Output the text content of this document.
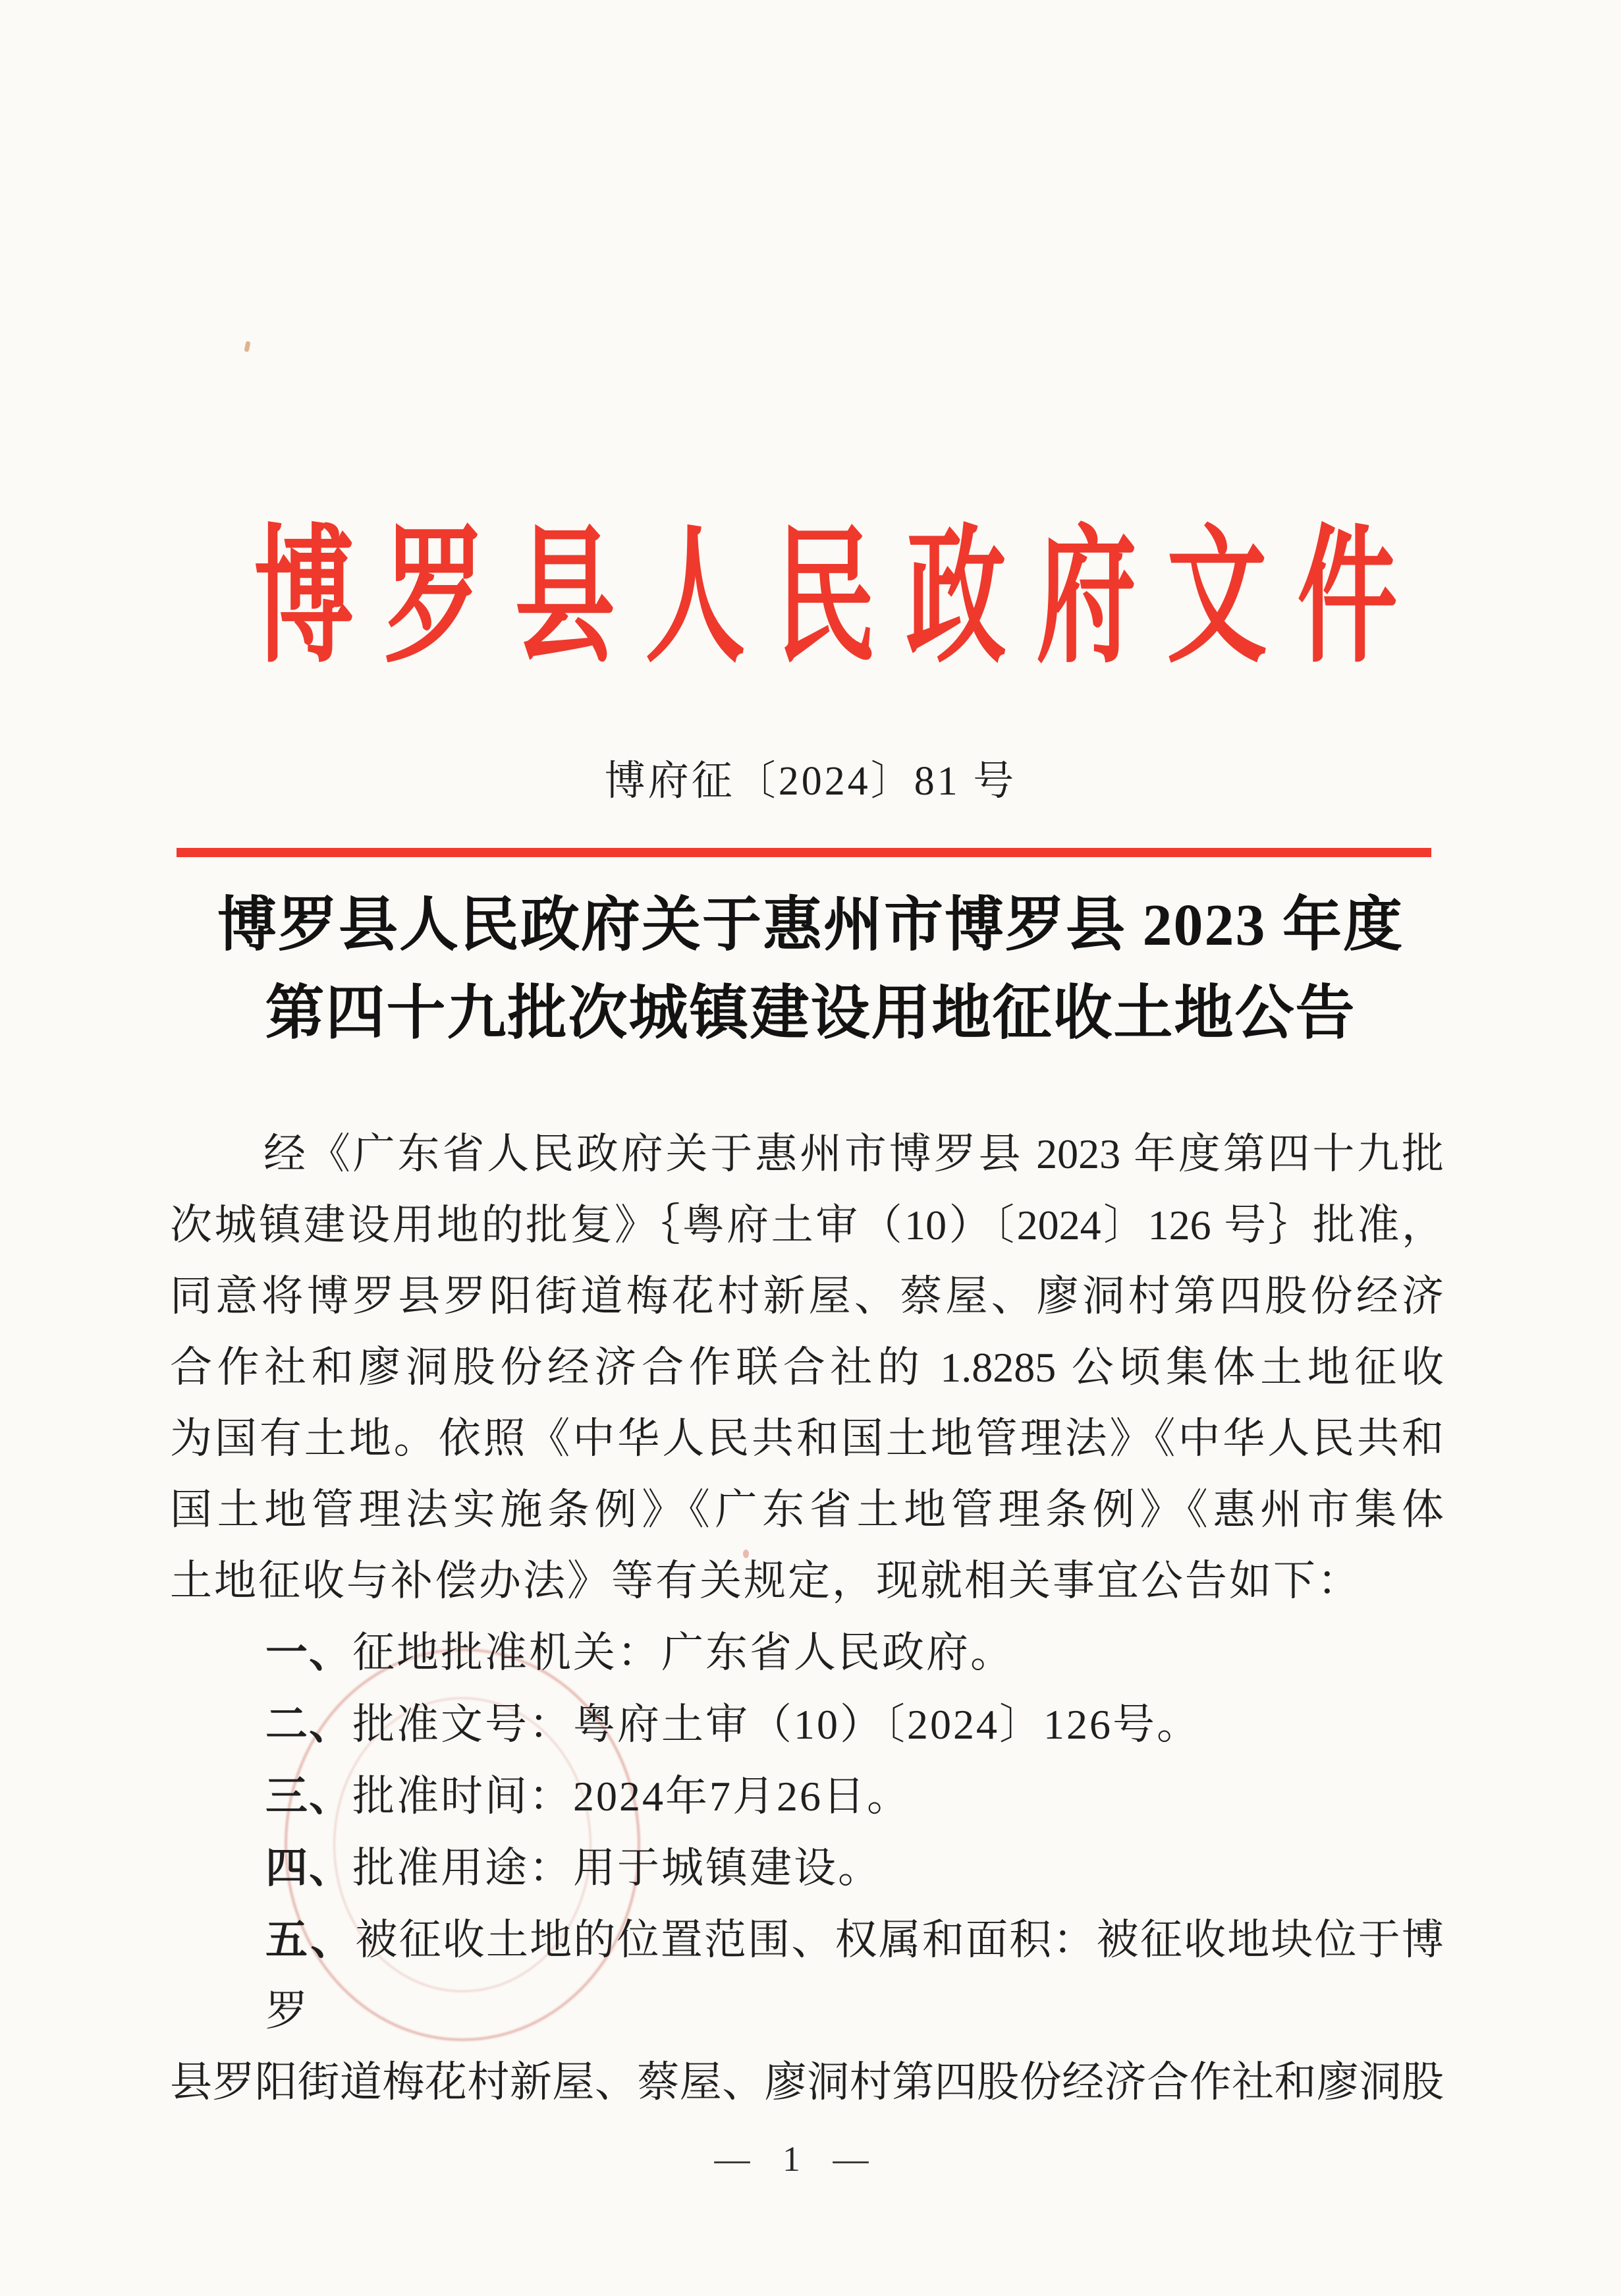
博罗县人民政府文件
博府征〔2024〕81 号
博罗县人民政府关于惠州市博罗县 2023 年度
第四十九批次城镇建设用地征收土地公告
经《广东省人民政府关于惠州市博罗县 2023 年度第四十九批
次城镇建设用地的批复》｛粤府土审（10）〔2024〕126 号｝批准，
同意将博罗县罗阳街道梅花村新屋、蔡屋、廖洞村第四股份经济
合作社和廖洞股份经济合作联合社的 1.8285 公顷集体土地征收
为国有土地。依照《中华人民共和国土地管理法》《中华人民共和
国土地管理法实施条例》《广东省土地管理条例》《惠州市集体
土地征收与补偿办法》等有关规定，现就相关事宜公告如下：
一、征地批准机关：广东省人民政府。
二、批准文号：粤府土审（10）〔2024〕126号。
三、批准时间：2024年7月26日。
四、批准用途：用于城镇建设。
五、被征收土地的位置范围、权属和面积：被征收地块位于博罗
县罗阳街道梅花村新屋、蔡屋、廖洞村第四股份经济合作社和廖洞股
— 1 —
